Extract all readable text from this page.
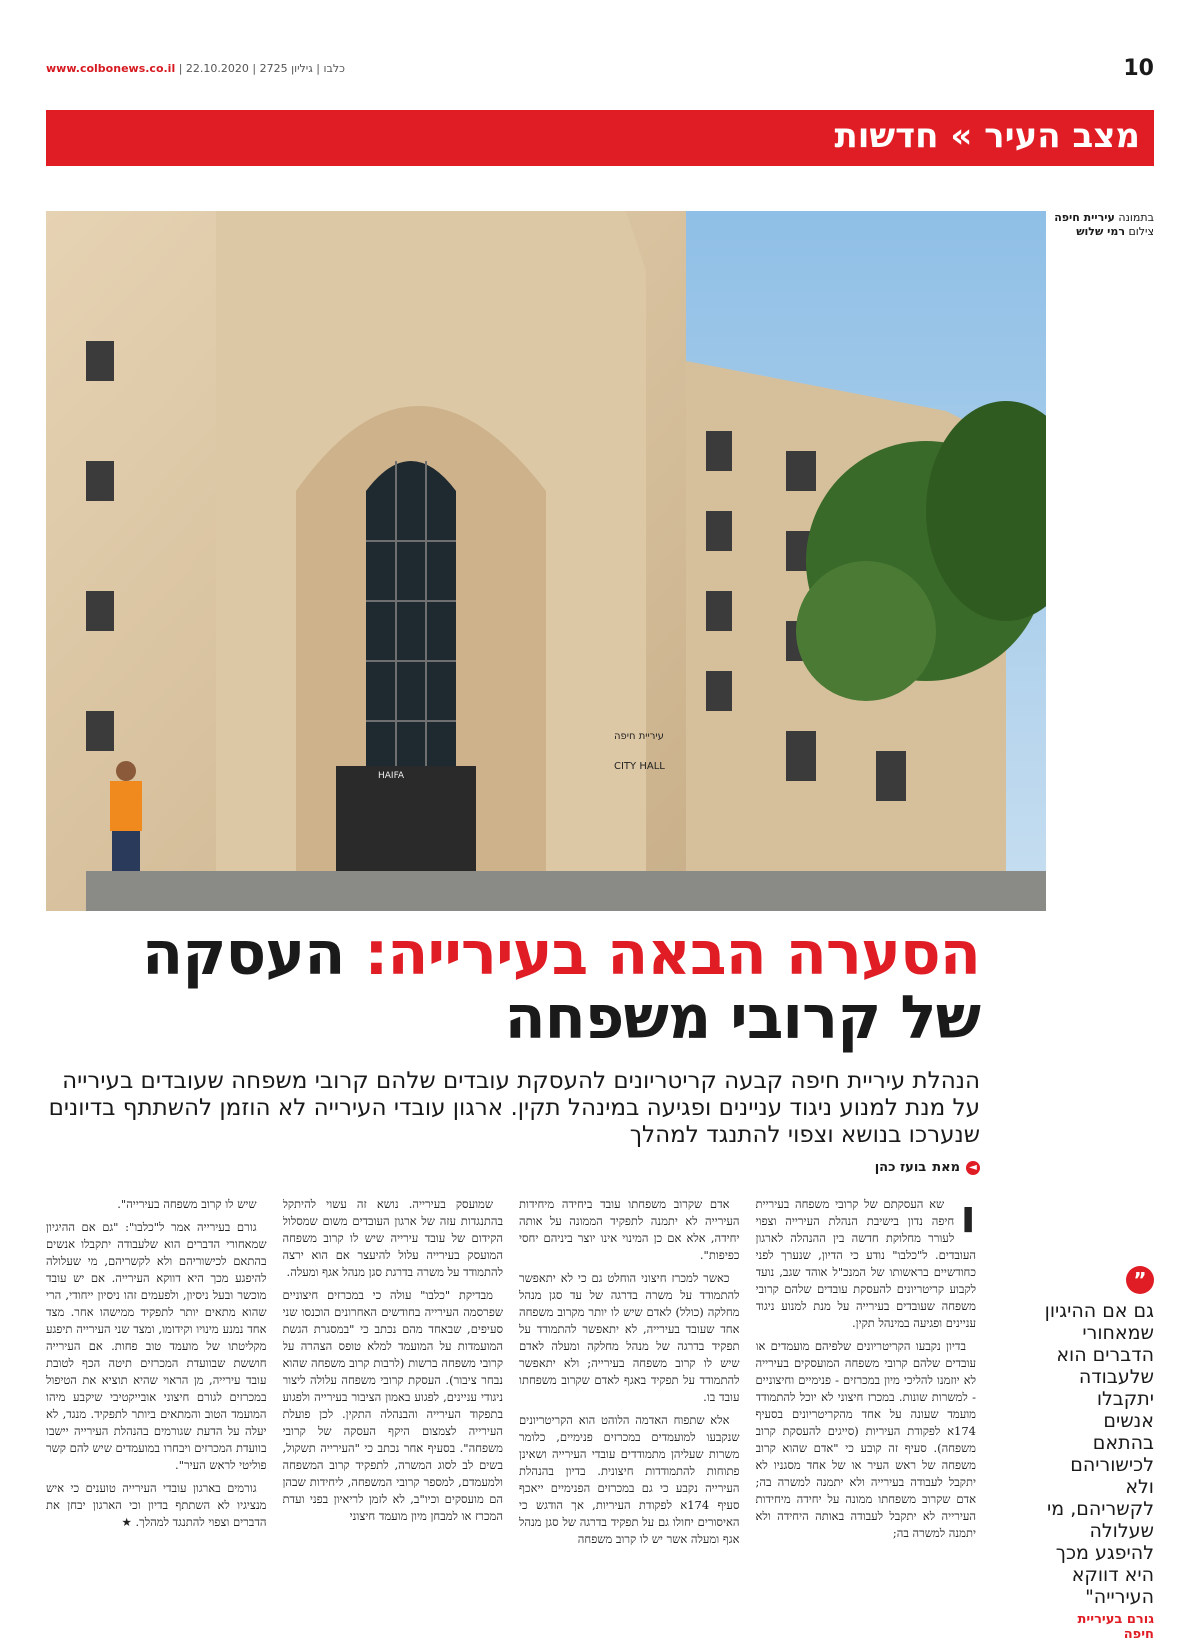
10
www.colbonews.co.il | כלבו | גיליון 2725 | 22.10.2020
מצב העיר » חדשות
עיריית חיפה
CITY HALL
HAIFA
בתמונה עיריית חיפה
צילום רמי שלוש
הסערה הבאה בעירייה: העסקה
של קרובי משפחה
הנהלת עיריית חיפה קבעה קריטריונים להעסקת עובדים שלהם קרובי משפחה שעובדים בעירייה על מנת למנוע ניגוד עניינים ופגיעה במינהל תקין. ארגון עובדי העירייה לא הוזמן להשתתף בדיונים שנערכו בנושא וצפוי להתנגד למהלך
◄
מאת
בועז כהן
ו

שא העסקתם של קרובי משפחה בעיריית חיפה נדון בישיבת הנהלת העירייה וצפוי לעורר מחלוקת חדשה בין ההנהלה לארגון העובדים. ל"כלבו" נודע כי הדיון, שנערך לפני כחודשיים בראשותו של המנכ"ל אוהד שגב, נועד לקבוע קריטריונים להעסקת עובדים שלהם קרובי משפחה שעובדים בעירייה על מנת למנוע ניגוד עניינים ופגיעה במינהל תקין.

בדיון נקבעו הקריטריונים שלפיהם מועמדים או עובדים שלהם קרובי משפחה המועסקים בעירייה לא יוזמנו להליכי מיון במכרזים - פנימיים וחיצוניים - למשרות שונות. במכרז חיצוני לא יוכל להתמודד מועמד שעונה על אחד מהקריטריונים בסעיף 174א לפקודת העיריות (סייגים להעסקת קרוב משפחה). סעיף זה קובע כי "אדם שהוא קרוב משפחה של ראש העיר או של אחד מסגניו לא יתקבל לעבודה בעירייה ולא יתמנה למשרה בה; אדם שקרוב משפחתו ממונה על יחידה מיחידות העירייה לא יתקבל לעבודה באותה היחידה ולא יתמנה למשרה בה;

אדם שקרוב משפחתו עובד ביחידה מיחידות העירייה לא יתמנה לתפקיד הממונה על אותה יחידה, אלא אם כן המינוי אינו יוצר ביניהם יחסי כפיפות".

כאשר למכרז חיצוני הוחלט גם כי לא יתאפשר להתמודד על משרה בדרגה של עד סגן מנהל מחלקה (כולל) לאדם שיש לו יותר מקרוב משפחה אחד שעובד בעירייה, לא יתאפשר להתמודד על תפקיד בדרגה של מנהל מחלקה ומעלה לאדם שיש לו קרוב משפחה בעירייה; ולא יתאפשר להתמודד על תפקיד באגף לאדם שקרוב משפחתו עובד בו.

אלא שתפוח האדמה הלוהט הוא הקריטריונים שנקבעו למועמדים במכרזים פנימיים, כלומר משרות שעליהן מתמודדים עובדי העירייה ושאינן פתוחות להתמודדות חיצונית. בדיון בהנהלת העירייה נקבע כי גם במכרזים הפנימיים ייאכף סעיף 174א לפקודת העיריות, אך הודגש כי האיסורים יחולו גם על תפקיד בדרגה של סגן מנהל אגף ומעלה אשר יש לו קרוב משפחה

שמועסק בעירייה. נושא זה עשוי להיתקל בהתנגדות עזה של ארגון העובדים משום שמסלול הקידום של עובד עירייה שיש לו קרוב משפחה המועסק בעירייה עלול להיעצר אם הוא ירצה להתמודד על משרה בדרגת סגן מנהל אגף ומעלה.

מבדיקת "כלבו" עולה כי במכרזים חיצוניים שפרסמה העירייה בחודשים האחרונים הוכנסו שני סעיפים, שבאחד מהם נכתב כי "במסגרת הגשת המועמדות על המועמד למלא טופס הצהרה על קרובי משפחה ברשות (לרבות קרוב משפחה שהוא נבחר ציבור). העסקת קרובי משפחה עלולה ליצור ניגודי עניינים, לפגוע באמון הציבור בעירייה ולפגוע בתפקוד העירייה והבנהלה התקין. לכן פועלת העירייה לצמצום היקף העסקה של קרובי משפחה". בסעיף אחר נכתב כי "העירייה תשקול, בשים לב לסוג המשרה, לתפקיד קרוב המשפחה ולמעמדם, למספר קרובי המשפחה, ליחידות שבהן הם מועסקים וכיו"ב, לא לזמן לריאיון בפני ועדת המכרז או למבחן מיון מועמד חיצוני

שיש לו קרוב משפחה בעירייה".

גורם בעירייה אמר ל"כלבו": "גם אם ההיגיון שמאחורי הדברים הוא שלעבודה יתקבלו אנשים בהתאם לכישוריהם ולא לקשריהם, מי שעלולה להיפגע מכך היא דווקא העירייה. אם יש עובד מוכשר ובעל ניסיון, ולפעמים זהו ניסיון ייחודי, הרי שהוא מתאים יותר לתפקיד ממישהו אחר. מצד אחד נמנע מינויו וקידומו, ומצד שני העירייה תיפגע מקליטתו של מועמד טוב פחות. אם העירייה חוששת שבוועדת המכרזים תיטה הכף לטובת עובד עירייה, מן הראוי שהיא תוציא את הטיפול במכרזים לגורם חיצוני אובייקטיבי שיקבע מיהו המועמד הטוב והמתאים ביותר לתפקיד. מנגד, לא יעלה על הדעת שגורמים בהנהלת העירייה יישבו בוועדת המכרזים ויבחרו במועמדים שיש להם קשר פוליטי לראש העיר".

גורמים בארגון עובדי העירייה טוענים כי איש מנציגיו לא השתתף בדיון וכי הארגון יבחן את הדברים וצפוי להתנגד למהלך. ★

”
גם אם ההיגיון שמאחורי הדברים הוא שלעבודה יתקבלו אנשים בהתאם לכישוריהם ולא לקשריהם, מי שעלולה להיפגע מכך היא דווקא העירייה"
גורם בעיריית חיפה
